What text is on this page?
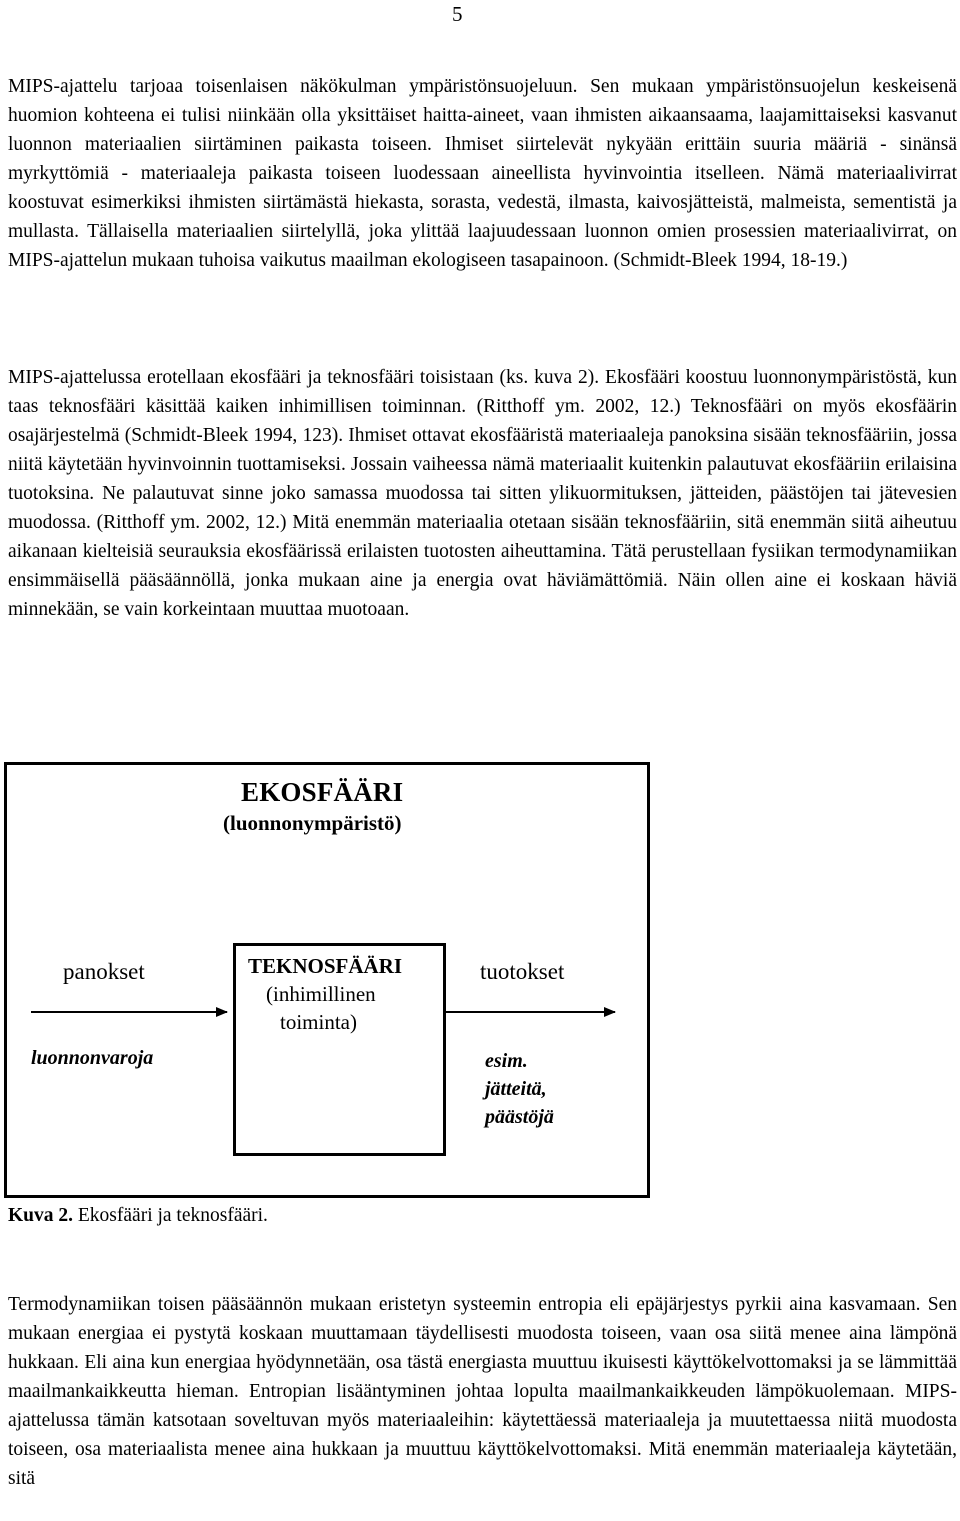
5

MIPS-ajattelu tarjoaa toisenlaisen näkökulman ympäristönsuojeluun. Sen mukaan ympäristönsuojelun keskeisenä huomion kohteena ei tulisi niinkään olla yksittäiset haitta-aineet, vaan ihmisten aikaansaama, laajamittaiseksi kasvanut luonnon materiaalien siirtäminen paikasta toiseen. Ihmiset siirtelevät nykyään erittäin suuria määriä - sinänsä myrkyttömiä - materiaaleja paikasta toiseen luodessaan aineellista hyvinvointia itselleen. Nämä materiaalivirrat koostuvat esimerkiksi ihmisten siirtämästä hiekasta, sorasta, vedestä, ilmasta, kaivosjätteistä, malmeista, sementistä ja mullasta. Tällaisella materiaalien siirtelyllä, joka ylittää laajuudessaan luonnon omien prosessien materiaalivirrat, on MIPS-ajattelun mukaan tuhoisa vaikutus maailman ekologiseen tasapainoon. (Schmidt-Bleek 1994, 18-19.)

MIPS-ajattelussa erotellaan ekosfääri ja teknosfääri toisistaan (ks. kuva 2). Ekosfääri koostuu luonnonympäristöstä, kun taas teknosfääri käsittää kaiken inhimillisen toiminnan. (Ritthoff ym. 2002, 12.) Teknosfääri on myös ekosfäärin osajärjestelmä (Schmidt-Bleek 1994, 123). Ihmiset ottavat ekosfääristä materiaaleja panoksina sisään teknosfääriin, jossa niitä käytetään hyvinvoinnin tuottamiseksi. Jossain vaiheessa nämä materiaalit kuitenkin palautuvat ekosfääriin erilaisina tuotoksina. Ne palautuvat sinne joko samassa muodossa tai sitten ylikuormituksen, jätteiden, päästöjen tai jätevesien muodossa. (Ritthoff ym. 2002, 12.) Mitä enemmän materiaalia otetaan sisään teknosfääriin, sitä enemmän siitä aiheutuu aikanaan kielteisiä seurauksia ekosfäärissä erilaisten tuotosten aiheuttamina. Tätä perustellaan fysiikan termodynamiikan ensimmäisellä pääsäännöllä, jonka mukaan aine ja energia ovat häviämättömiä. Näin ollen aine ei koskaan häviä minnekään, se vain korkeintaan muuttaa muotoaan.

EKOSFÄÄRI
(luonnonympäristö)
panokset
luonnonvaroja
TEKNOSFÄÄRI
(inhimillinen
toiminta)
tuotokset
esim.
jätteitä,
päästöjä
Kuva 2. Ekosfääri ja teknosfääri.

Termodynamiikan toisen pääsäännön mukaan eristetyn systeemin entropia eli epäjärjestys pyrkii aina kasvamaan. Sen mukaan energiaa ei pystytä koskaan muuttamaan täydellisesti muodosta toiseen, vaan osa siitä menee aina lämpönä hukkaan. Eli aina kun energiaa hyödynnetään, osa tästä energiasta muuttuu ikuisesti käyttökelvottomaksi ja se lämmittää maailmankaikkeutta hieman. Entropian lisääntyminen johtaa lopulta maailmankaikkeuden lämpökuolemaan. MIPS-ajattelussa tämän katsotaan soveltuvan myös materiaaleihin: käytettäessä materiaaleja ja muutettaessa niitä muodosta toiseen, osa materiaalista menee aina hukkaan ja muuttuu käyttökelvottomaksi. Mitä enemmän materiaaleja käytetään, sitä
